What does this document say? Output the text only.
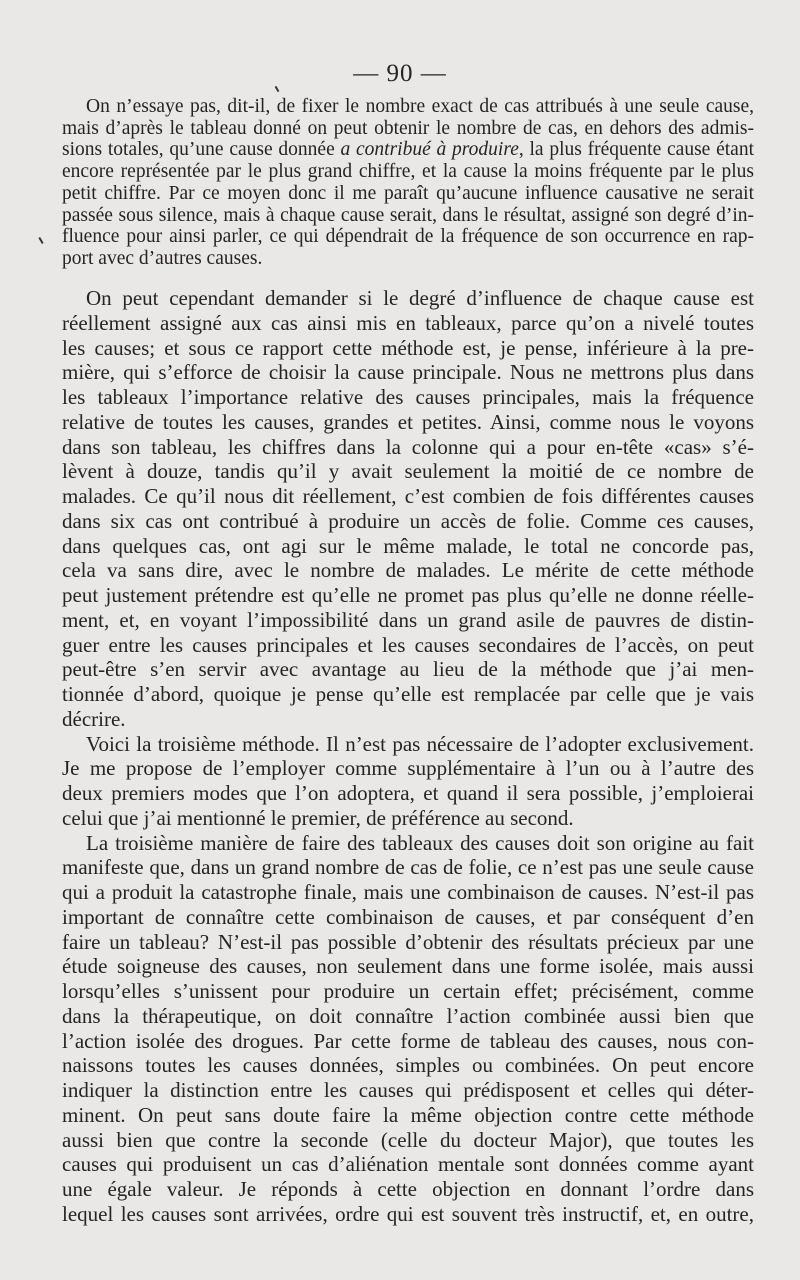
— 90 —
On n’essaye pas, dit-il, de fixer le nombre exact de cas attribués à une seule cause,
mais d’après le tableau donné on peut obtenir le nombre de cas, en dehors des admis-
sions totales, qu’une cause donnée a contribué à produire, la plus fréquente cause étant
encore représentée par le plus grand chiffre, et la cause la moins fréquente par le plus
petit chiffre. Par ce moyen donc il me paraît qu’aucune influence causative ne serait
passée sous silence, mais à chaque cause serait, dans le résultat, assigné son degré d’in-
fluence pour ainsi parler, ce qui dépendrait de la fréquence de son occurrence en rap-
port avec d’autres causes.
On peut cependant demander si le degré d’influence de chaque cause est
réellement assigné aux cas ainsi mis en tableaux, parce qu’on a nivelé toutes
les causes; et sous ce rapport cette méthode est, je pense, inférieure à la pre-
mière, qui s’efforce de choisir la cause principale. Nous ne mettrons plus dans
les tableaux l’importance relative des causes principales, mais la fréquence
relative de toutes les causes, grandes et petites. Ainsi, comme nous le voyons
dans son tableau, les chiffres dans la colonne qui a pour en-tête «cas» s’é-
lèvent à douze, tandis qu’il y avait seulement la moitié de ce nombre de
malades. Ce qu’il nous dit réellement, c’est combien de fois différentes causes
dans six cas ont contribué à produire un accès de folie. Comme ces causes,
dans quelques cas, ont agi sur le même malade, le total ne concorde pas,
cela va sans dire, avec le nombre de malades. Le mérite de cette méthode
peut justement prétendre est qu’elle ne promet pas plus qu’elle ne donne réelle-
ment, et, en voyant l’impossibilité dans un grand asile de pauvres de distin-
guer entre les causes principales et les causes secondaires de l’accès, on peut
peut-être s’en servir avec avantage au lieu de la méthode que j’ai men-
tionnée d’abord, quoique je pense qu’elle est remplacée par celle que je vais
décrire.
Voici la troisième méthode. Il n’est pas nécessaire de l’adopter exclusivement.
Je me propose de l’employer comme supplémentaire à l’un ou à l’autre des
deux premiers modes que l’on adoptera, et quand il sera possible, j’emploierai
celui que j’ai mentionné le premier, de préférence au second.
La troisième manière de faire des tableaux des causes doit son origine au fait
manifeste que, dans un grand nombre de cas de folie, ce n’est pas une seule cause
qui a produit la catastrophe finale, mais une combinaison de causes. N’est-il pas
important de connaître cette combinaison de causes, et par conséquent d’en
faire un tableau? N’est-il pas possible d’obtenir des résultats précieux par une
étude soigneuse des causes, non seulement dans une forme isolée, mais aussi
lorsqu’elles s’unissent pour produire un certain effet; précisément, comme
dans la thérapeutique, on doit connaître l’action combinée aussi bien que
l’action isolée des drogues. Par cette forme de tableau des causes, nous con-
naissons toutes les causes données, simples ou combinées. On peut encore
indiquer la distinction entre les causes qui prédisposent et celles qui déter-
minent. On peut sans doute faire la même objection contre cette méthode
aussi bien que contre la seconde (celle du docteur Major), que toutes les
causes qui produisent un cas d’aliénation mentale sont données comme ayant
une égale valeur. Je réponds à cette objection en donnant l’ordre dans
lequel les causes sont arrivées, ordre qui est souvent très instructif, et, en outre,
